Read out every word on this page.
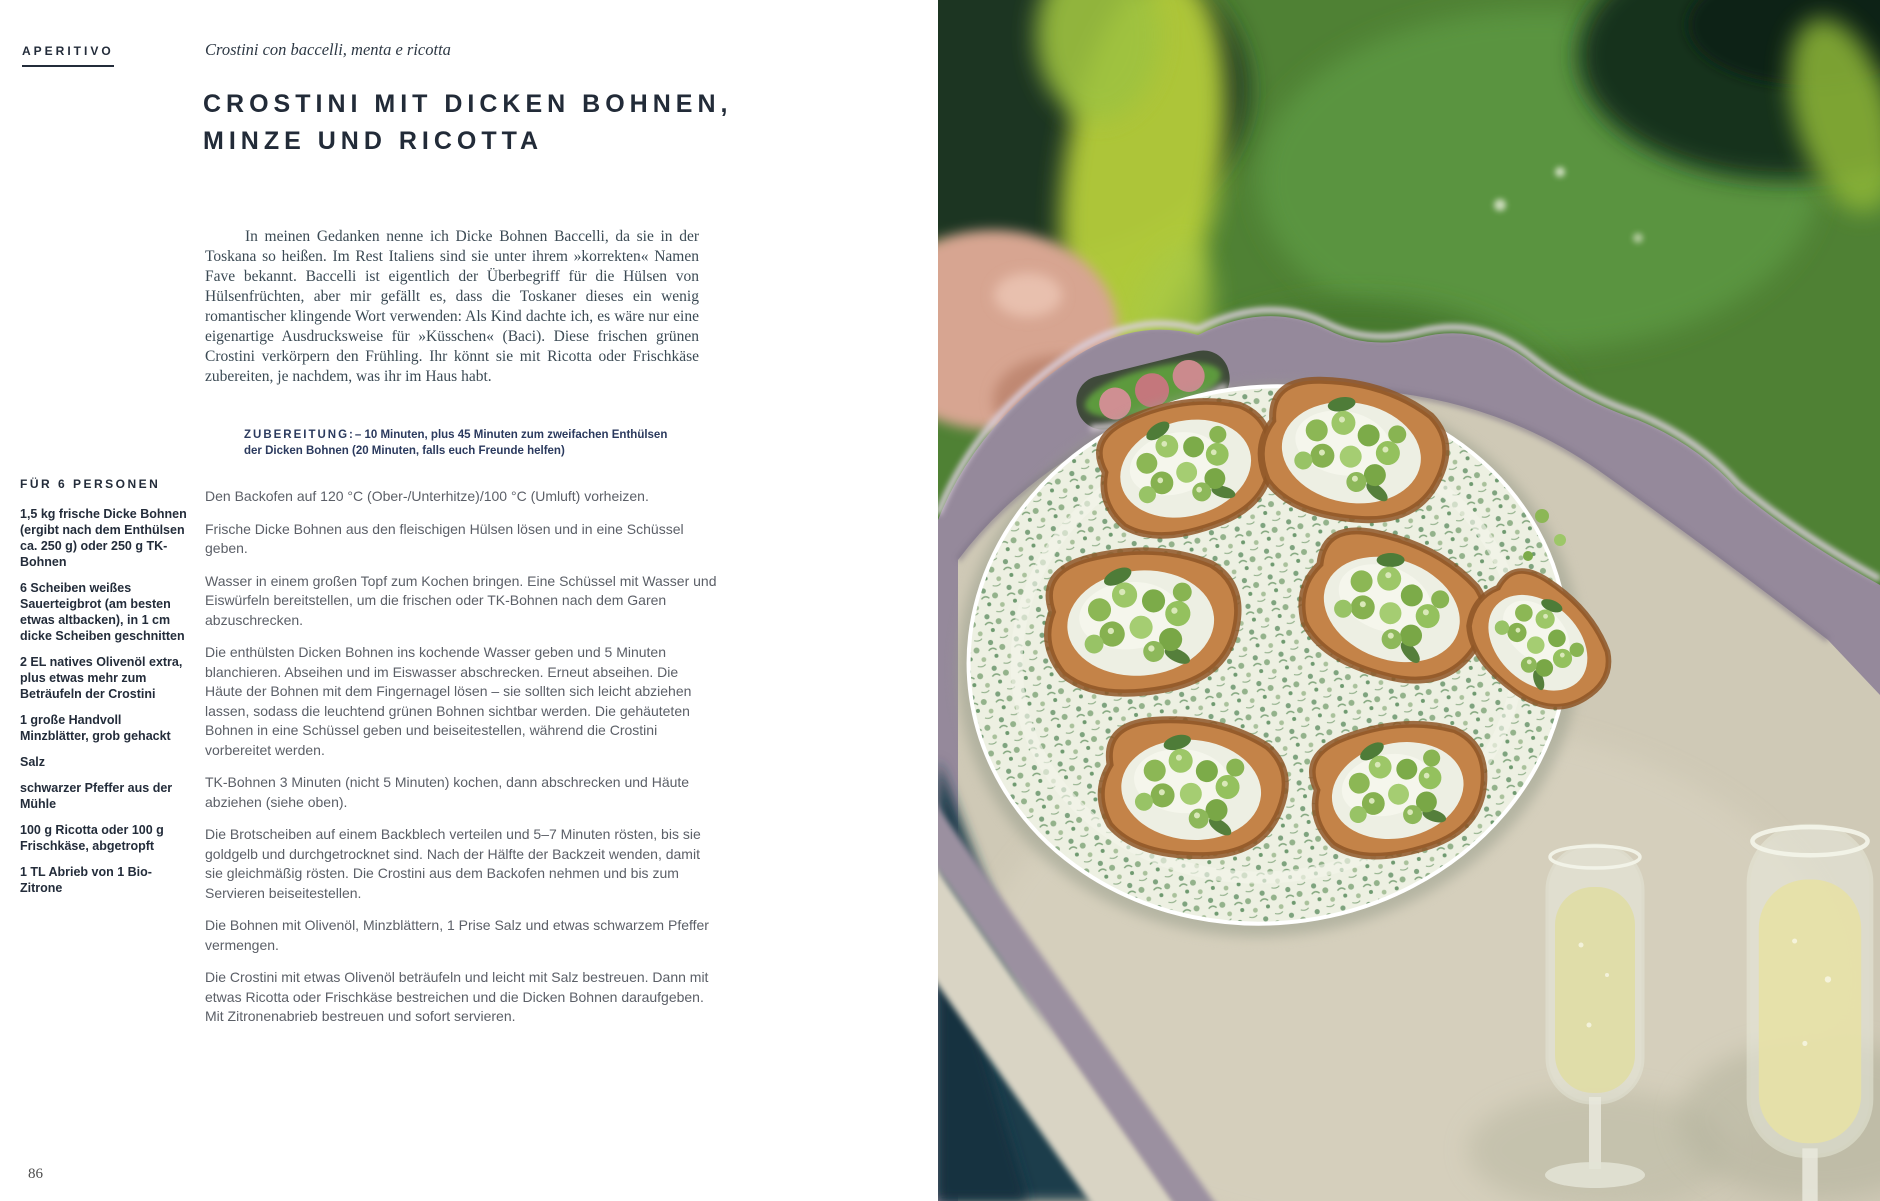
APERITIVO	Crostini con baccelli, menta e ricotta
CROSTINI MIT DICKEN BOHNEN,
MINZE UND RICOTTA

In meinen Gedanken nenne ich Dicke Bohnen Baccelli, da sie in der Toskana so heißen. Im Rest Italiens sind sie unter ihrem »korrekten« Namen Fave bekannt. Baccelli ist eigentlich der Überbegriff für die Hülsen von Hülsenfrüchten, aber mir gefällt es, dass die Toskaner dieses ein wenig romantischer klingende Wort verwenden: Als Kind dachte ich, es wäre nur eine eigenartige Ausdrucksweise für »Küsschen« (Baci). Diese frischen grünen Crostini verkörpern den Frühling. Ihr könnt sie mit Ricotta oder Frischkäse zubereiten, je nachdem, was ihr im Haus habt.

ZUBEREITUNG:– 10 Minuten, plus 45 Minuten zum zweifachen Enthülsen der Dicken Bohnen (20 Minuten, falls euch Freunde helfen)

FÜR 6 PERSONEN

1,5 kg frische Dicke Bohnen (ergibt nach dem Enthülsen ca. 250 g) oder 250 g TK-Bohnen

6 Scheiben weißes Sauerteigbrot (am besten etwas altbacken), in 1 cm dicke Scheiben geschnitten

2 EL natives Olivenöl extra, plus etwas mehr zum Beträufeln der Crostini

1 große Handvoll Minzblätter, grob gehackt

Salz

schwarzer Pfeffer aus der Mühle

100 g Ricotta oder 100 g Frischkäse, abgetropft

1 TL Abrieb von 1 Bio-Zitrone

Den Backofen auf 120 °C (Ober-/Unterhitze)/100 °C (Umluft) vorheizen.

Frische Dicke Bohnen aus den fleischigen Hülsen lösen und in eine Schüssel geben.

Wasser in einem großen Topf zum Kochen bringen. Eine Schüssel mit Wasser und Eiswürfeln bereitstellen, um die frischen oder TK-Bohnen nach dem Garen abzuschrecken.

Die enthülsten Dicken Bohnen ins kochende Wasser geben und 5 Minuten blanchieren. Abseihen und im Eiswasser abschrecken. Erneut abseihen. Die Häute der Bohnen mit dem Fingernagel lösen – sie sollten sich leicht abziehen lassen, sodass die leuchtend grünen Bohnen sichtbar werden. Die gehäuteten Bohnen in eine Schüssel geben und beiseitestellen, während die Crostini vorbereitet werden.

TK-Bohnen 3 Minuten (nicht 5 Minuten) kochen, dann abschrecken und Häute abziehen (siehe oben).

Die Brotscheiben auf einem Backblech verteilen und 5–7 Minuten rösten, bis sie goldgelb und durchgetrocknet sind. Nach der Hälfte der Backzeit wenden, damit sie gleichmäßig rösten. Die Crostini aus dem Backofen nehmen und bis zum Servieren beiseitestellen.

Die Bohnen mit Olivenöl, Minzblättern, 1 Prise Salz und etwas schwarzem Pfeffer vermengen.

Die Crostini mit etwas Olivenöl beträufeln und leicht mit Salz bestreuen. Dann mit etwas Ricotta oder Frischkäse bestreichen und die Dicken Bohnen daraufgeben. Mit Zitronenabrieb bestreuen und sofort servieren.

86
